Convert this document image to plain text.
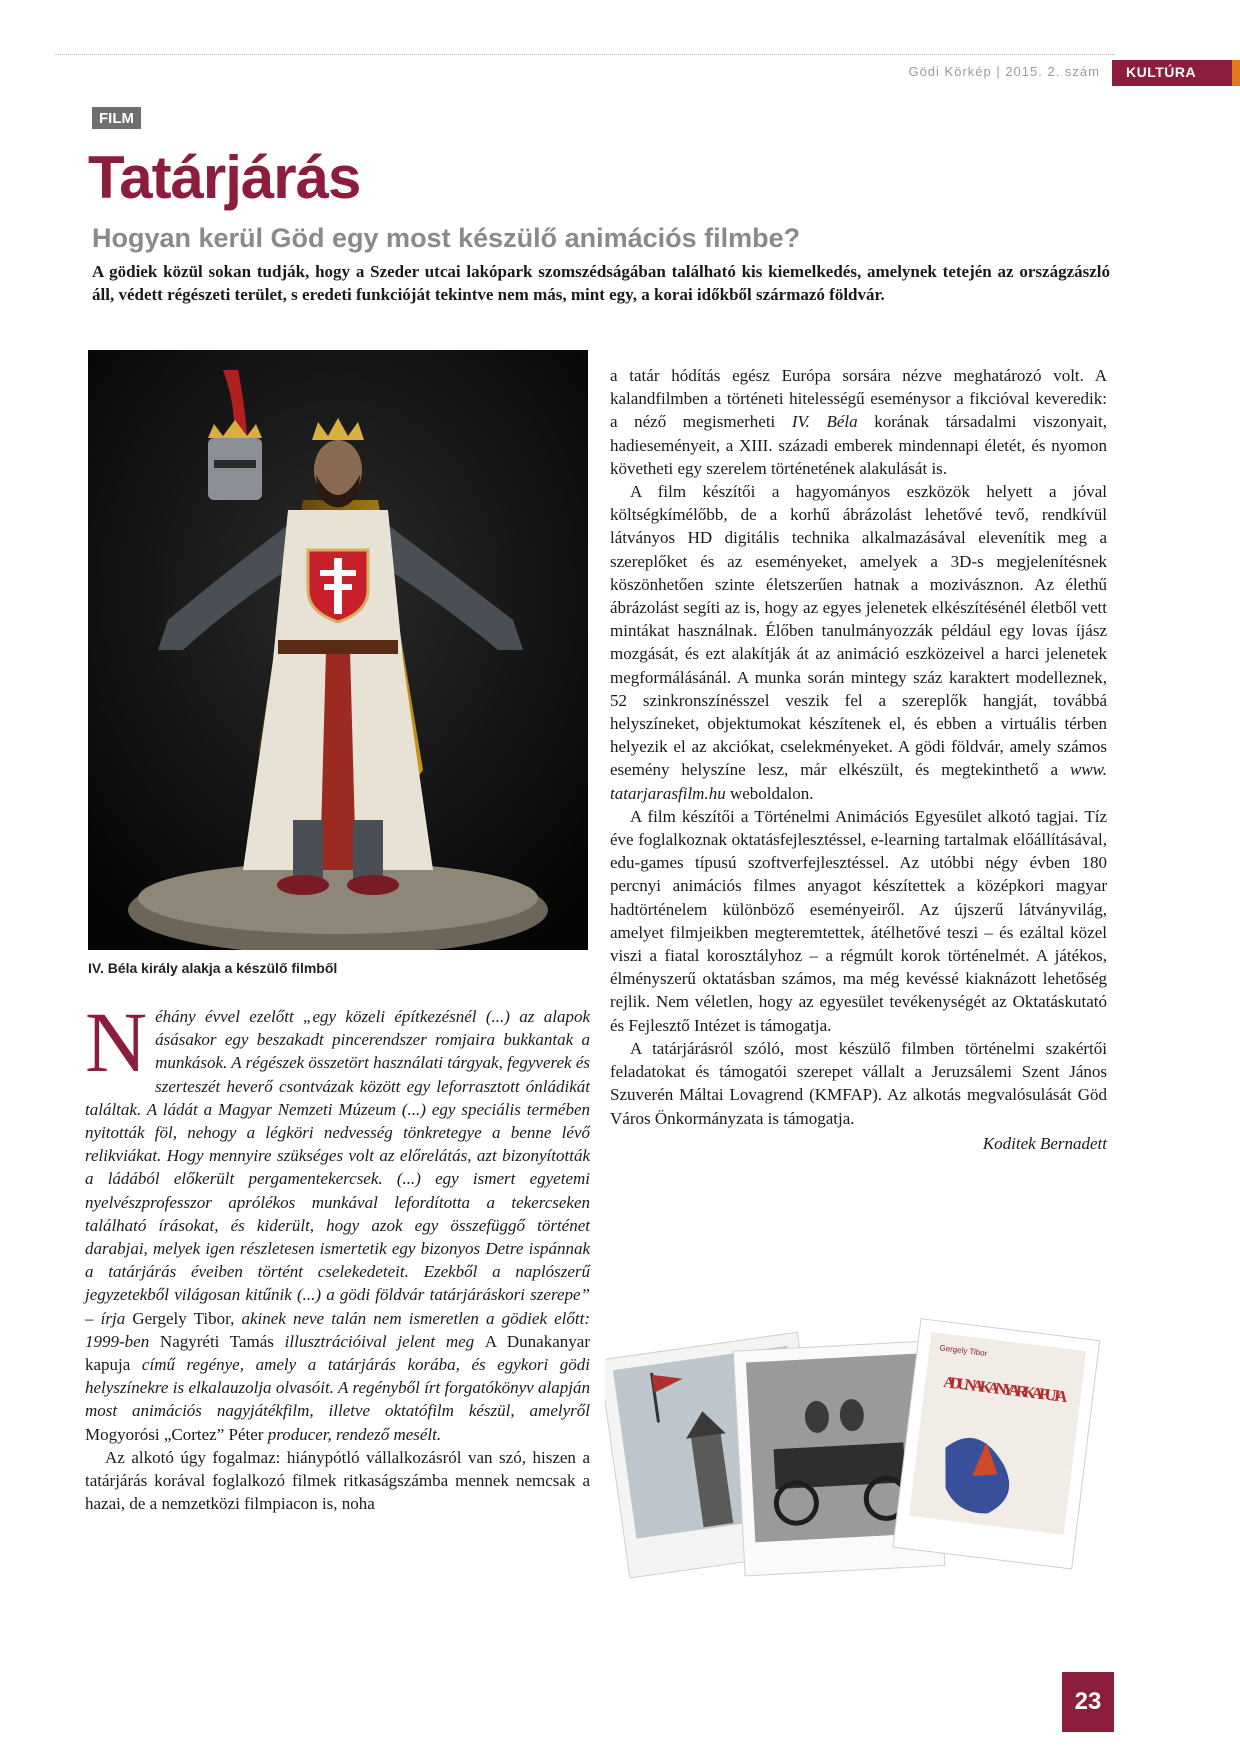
Gödi Körkép | 2015. 2. szám KULTÚRA
FILM
Tatárjárás
Hogyan kerül Göd egy most készülő animációs filmbe?

A gödiek közül sokan tudják, hogy a Szeder utcai lakópark szomszédságában található kis kiemelkedés, amelynek tetején az országzászló áll, védett régészeti terület, s eredeti funkcióját tekintve nem más, mint egy, a korai időkből származó földvár.

IV. Béla király alakja a készülő filmből

Néhány évvel ezelőtt „egy közeli építkezésnél (...) az alapok ásásakor egy beszakadt pincerendszer romjaira bukkantak a munkások. A régészek összetört használati tárgyak, fegyverek és szerteszét heverő csontvázak között egy leforrasztott ónládikát találtak. A ládát a Magyar Nemzeti Múzeum (...) egy speciális termében nyitották föl, nehogy a légköri nedvesség tönkretegye a benne lévő relikviákat. Hogy mennyire szükséges volt az előrelátás, azt bizonyították a ládából előkerült pergamentekercsek. (...) egy ismert egyetemi nyelvészprofesszor aprólékos munkával lefordította a tekercseken található írásokat, és kiderült, hogy azok egy összefüggő történet darabjai, melyek igen részletesen ismertetik egy bizonyos Detre ispánnak a tatárjárás éveiben történt cselekedeteit. Ezekből a naplószerű jegyzetekből világosan kitűnik (...) a gödi földvár tatárjáráskori szerepe” – írja Gergely Tibor, akinek neve talán nem ismeretlen a gödiek előtt: 1999-ben Nagyréti Tamás illusztrációival jelent meg A Dunakanyar kapuja című regénye, amely a tatárjárás korába, és egykori gödi helyszínekre is elkalauzolja olvasóit. A regényből írt forgatókönyv alapján most animációs nagyjátékfilm, illetve oktatófilm készül, amelyről Mogyorósi „Cortez” Péter producer, rendező mesélt.

Az alkotó úgy fogalmaz: hiánypótló vállalkozásról van szó, hiszen a tatárjárás korával foglalkozó filmek ritkaságszámba mennek nemcsak a hazai, de a nemzetközi filmpiacon is, noha

a tatár hódítás egész Európa sorsára nézve meghatározó volt. A kalandfilmben a történeti hitelességű eseménysor a fikcióval keveredik: a néző megismerheti IV. Béla korának társadalmi viszonyait, hadieseményeit, a XIII. századi emberek mindennapi életét, és nyomon követheti egy szerelem történetének alakulását is.

A film készítői a hagyományos eszközök helyett a jóval költségkímélőbb, de a korhű ábrázolást lehetővé tevő, rendkívül látványos HD digitális technika alkalmazásával elevenítik meg a szereplőket és az eseményeket, amelyek a 3D-s megjelenítésnek köszönhetően szinte életszerűen hatnak a mozivásznon. Az élethű ábrázolást segíti az is, hogy az egyes jelenetek elkészítésénél életből vett mintákat használnak. Élőben tanulmányozzák például egy lovas íjász mozgását, és ezt alakítják át az animáció eszközeivel a harci jelenetek megformálásánál. A munka során mintegy száz karaktert modelleznek, 52 szinkronszínésszel veszik fel a szereplők hangját, továbbá helyszíneket, objektumokat készítenek el, és ebben a virtuális térben helyezik el az akciókat, cselekményeket. A gödi földvár, amely számos esemény helyszíne lesz, már elkészült, és megtekinthető a www. tatarjarasfilm.hu weboldalon.

A film készítői a Történelmi Animációs Egyesület alkotó tagjai. Tíz éve foglalkoznak oktatásfejlesztéssel, e-learning tartalmak előállításával, edu-games típusú szoftverfejlesztéssel. Az utóbbi négy évben 180 percnyi animációs filmes anyagot készítettek a középkori magyar hadtörténelem különböző eseményeiről. Az újszerű látványvilág, amelyet filmjeikben megteremtettek, átélhetővé teszi – és ezáltal közel viszi a fiatal korosztályhoz – a régmúlt korok történelmét. A játékos, élményszerű oktatásban számos, ma még kevéssé kiaknázott lehetőség rejlik. Nem véletlen, hogy az egyesület tevékenységét az Oktatáskutató és Fejlesztő Intézet is támogatja.

A tatárjárásról szóló, most készülő filmben történelmi szakértői feladatokat és támogatói szerepet vállalt a Jeruzsálemi Szent János Szuverén Máltai Lovagrend (KMFAP). Az alkotás megvalósulását Göd Város Önkormányzata is támogatja.

Koditek Bernadett

Gergely Tibor
A DUNAKANYAR KAPUJA
23
